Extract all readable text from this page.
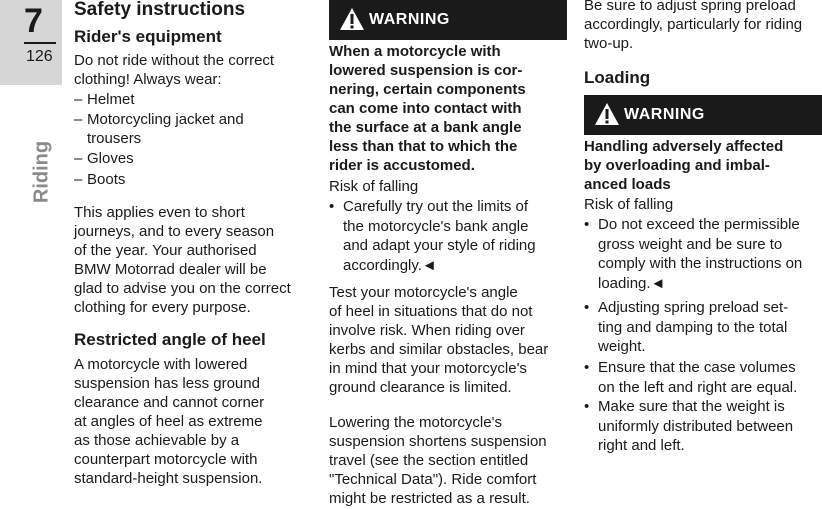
7
126
Riding
Safety instructions
Rider's equipment
Do not ride without the correct
clothing! Always wear:
– Helmet
– Motorcycling jacket and
trousers
– Gloves
– Boots
This applies even to short
journeys, and to every season
of the year. Your authorised
BMW Motorrad dealer will be
glad to advise you on the correct
clothing for every purpose.
Restricted angle of heel
A motorcycle with lowered
suspension has less ground
clearance and cannot corner
at angles of heel as extreme
as those achievable by a
counterpart motorcycle with
standard-height suspension.
WARNING
When a motorcycle with
lowered suspension is cor-
nering, certain components
can come into contact with
the surface at a bank angle
less than that to which the
rider is accustomed.
Risk of falling
• Carefully try out the limits of
the motorcycle's bank angle
and adapt your style of riding
accordingly.◄
Test your motorcycle's angle
of heel in situations that do not
involve risk. When riding over
kerbs and similar obstacles, bear
in mind that your motorcycle's
ground clearance is limited.
Lowering the motorcycle's
suspension shortens suspension
travel (see the section entitled
"Technical Data"). Ride comfort
might be restricted as a result.
Be sure to adjust spring preload
accordingly, particularly for riding
two-up.
Loading
WARNING
Handling adversely affected
by overloading and imbal-
anced loads
Risk of falling
• Do not exceed the permissible
gross weight and be sure to
comply with the instructions on
loading.◄
• Adjusting spring preload set-
ting and damping to the total
weight.
• Ensure that the case volumes
on the left and right are equal.
• Make sure that the weight is
uniformly distributed between
right and left.
